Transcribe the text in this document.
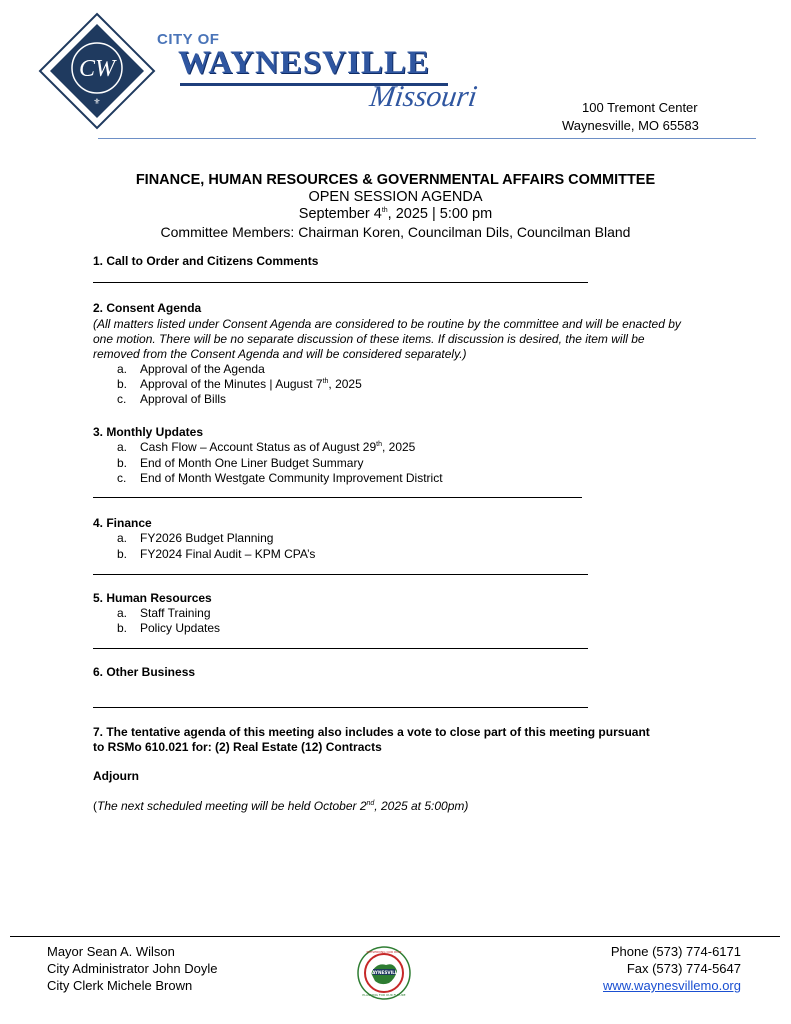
CW
⚜
CITY OF
WAYNESVILLE
Missouri	100 Tremont Center
Waynesville, MO 65583
FINANCE, HUMAN RESOURCES & GOVERNMENTAL AFFAIRS COMMITTEE
OPEN SESSION AGENDA
September 4th, 2025 | 5:00 pm
Committee Members: Chairman Koren, Councilman Dils, Councilman Bland
1. Call to Order and Citizens Comments
2. Consent Agenda
(All matters listed under Consent Agenda are considered to be routine by the committee and will be enacted by one motion. There will be no separate discussion of these items. If discussion is desired, the item will be removed from the Consent Agenda and will be considered separately.)
a. Approval of the Agenda
b. Approval of the Minutes | August 7th, 2025
c. Approval of Bills
3. Monthly Updates
a. Cash Flow – Account Status as of August 29th, 2025
b. End of Month One Liner Budget Summary
c. End of Month Westgate Community Improvement District
4. Finance
a. FY2026 Budget Planning
b. FY2024 Final Audit – KPM CPA’s
5. Human Resources
a. Staff Training
b. Policy Updates
6. Other Business
7. The tentative agenda of this meeting also includes a vote to close part of this meeting pursuant
to RSMo 610.021 for: (2) Real Estate (12) Contracts
Adjourn
(The next scheduled meeting will be held October 2nd, 2025 at 5:00pm)
Mayor Sean A. Wilson
City Administrator John Doyle
City Clerk Michele Brown
WAYNESVILLE
PRESERVING OUR PAST
PLANNING FOR OUR FUTURE
Phone (573) 774-6171
Fax (573) 774-5647
www.waynesvillemo.org
